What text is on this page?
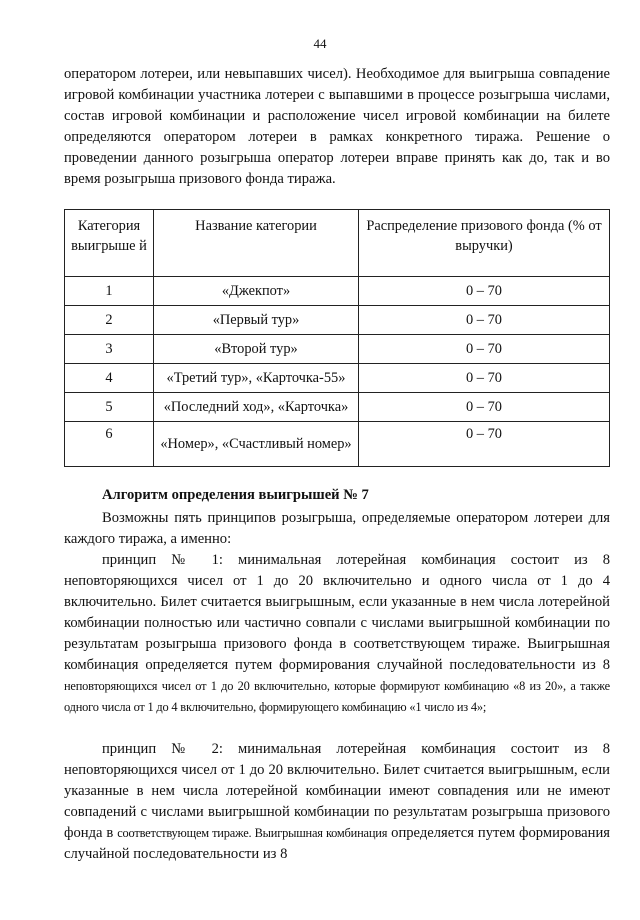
44

оператором лотереи, или невыпавших чисел). Необходимое для выигрыша совпадение игровой комбинации участника лотереи с выпавшими в процессе розыгрыша числами, состав игровой комбинации и расположение чисел игровой комбинации на билете определяются оператором лотереи в рамках конкретного тиража. Решение о проведении данного розыгрыша оператор лотереи вправе принять как до, так и во время розыгрыша призового фонда тиража.

Категория выигрыше й	Название категории	Распределение призового фонда (% от выручки)
1	«Джекпот»	0 – 70
2	«Первый тур»	0 – 70
3	«Второй тур»	0 – 70
4	«Третий тур», «Карточка-55»	0 – 70
5	«Последний ход», «Карточка»	0 – 70
6	«Номер», «Счастливый номер»	0 – 70
Алгоритм определения выигрышей № 7

Возможны пять принципов розыгрыша, определяемые оператором лотереи для каждого тиража, а именно:

принцип № 1: минимальная лотерейная комбинация состоит из 8 неповторяющихся чисел от 1 до 20 включительно и одного числа от 1 до 4 включительно. Билет считается выигрышным, если указанные в нем числа лотерейной комбинации полностью или частично совпали с числами выигрышной комбинации по результатам розыгрыша призового фонда в соответствующем тираже. Выигрышная комбинация определяется путем формирования случайной последовательности из 8 неповторяющихся чисел от 1 до 20 включительно, которые формируют комбинацию «8 из 20», а также одного числа от 1 до 4 включительно, формирующего комбинацию «1 число из 4»;

принцип № 2: минимальная лотерейная комбинация состоит из 8 неповторяющихся чисел от 1 до 20 включительно. Билет считается выигрышным, если указанные в нем числа лотерейной комбинации имеют совпадения или не имеют совпадений с числами выигрышной комбинации по результатам розыгрыша призового фонда в соответствующем тираже. Выигрышная комбинация определяется путем формирования случайной последовательности из 8
